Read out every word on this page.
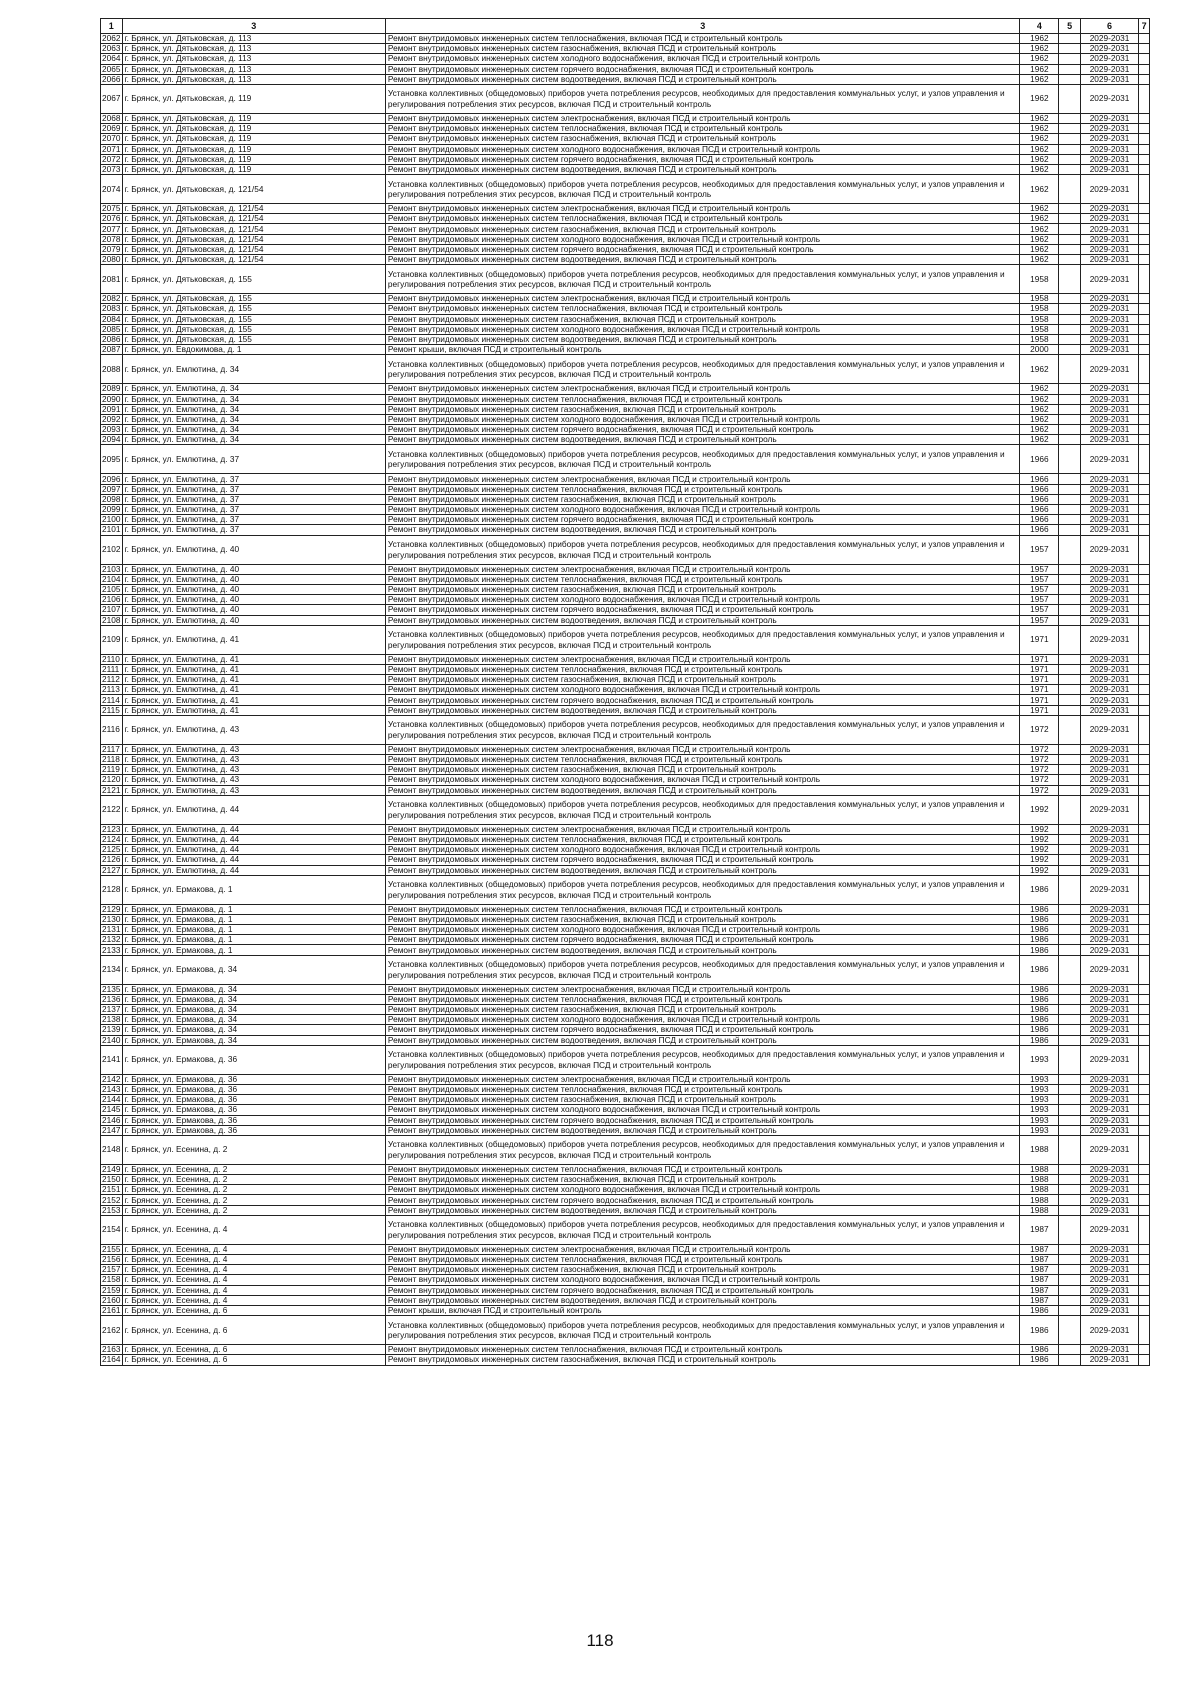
1	3	3	4	5	6	7
2062	г. Брянск, ул. Дятьковская, д. 113	Ремонт внутридомовых инженерных систем теплоснабжения, включая ПСД и строительный контроль	1962		2029-2031	
2063	г. Брянск, ул. Дятьковская, д. 113	Ремонт внутридомовых инженерных систем газоснабжения, включая ПСД и строительный контроль	1962		2029-2031	
2064	г. Брянск, ул. Дятьковская, д. 113	Ремонт внутридомовых инженерных систем холодного водоснабжения, включая ПСД и строительный контроль	1962		2029-2031	
2065	г. Брянск, ул. Дятьковская, д. 113	Ремонт внутридомовых инженерных систем горячего водоснабжения, включая ПСД и строительный контроль	1962		2029-2031	
2066	г. Брянск, ул. Дятьковская, д. 113	Ремонт внутридомовых инженерных систем водоотведения, включая ПСД и строительный контроль	1962		2029-2031	
2067	г. Брянск, ул. Дятьковская, д. 119	Установка коллективных (общедомовых) приборов учета потребления ресурсов, необходимых для предоставления коммунальных услуг, и узлов управления и регулирования потребления этих ресурсов, включая ПСД и строительный контроль	1962		2029-2031	
2068	г. Брянск, ул. Дятьковская, д. 119	Ремонт внутридомовых инженерных систем электроснабжения, включая ПСД и строительный контроль	1962		2029-2031	
2069	г. Брянск, ул. Дятьковская, д. 119	Ремонт внутридомовых инженерных систем теплоснабжения, включая ПСД и строительный контроль	1962		2029-2031	
2070	г. Брянск, ул. Дятьковская, д. 119	Ремонт внутридомовых инженерных систем газоснабжения, включая ПСД и строительный контроль	1962		2029-2031	
2071	г. Брянск, ул. Дятьковская, д. 119	Ремонт внутридомовых инженерных систем холодного водоснабжения, включая ПСД и строительный контроль	1962		2029-2031	
2072	г. Брянск, ул. Дятьковская, д. 119	Ремонт внутридомовых инженерных систем горячего водоснабжения, включая ПСД и строительный контроль	1962		2029-2031	
2073	г. Брянск, ул. Дятьковская, д. 119	Ремонт внутридомовых инженерных систем водоотведения, включая ПСД и строительный контроль	1962		2029-2031	
2074	г. Брянск, ул. Дятьковская, д. 121/54	Установка коллективных (общедомовых) приборов учета потребления ресурсов, необходимых для предоставления коммунальных услуг, и узлов управления и регулирования потребления этих ресурсов, включая ПСД и строительный контроль	1962		2029-2031	
2075	г. Брянск, ул. Дятьковская, д. 121/54	Ремонт внутридомовых инженерных систем электроснабжения, включая ПСД и строительный контроль	1962		2029-2031	
2076	г. Брянск, ул. Дятьковская, д. 121/54	Ремонт внутридомовых инженерных систем теплоснабжения, включая ПСД и строительный контроль	1962		2029-2031	
2077	г. Брянск, ул. Дятьковская, д. 121/54	Ремонт внутридомовых инженерных систем газоснабжения, включая ПСД и строительный контроль	1962		2029-2031	
2078	г. Брянск, ул. Дятьковская, д. 121/54	Ремонт внутридомовых инженерных систем холодного водоснабжения, включая ПСД и строительный контроль	1962		2029-2031	
2079	г. Брянск, ул. Дятьковская, д. 121/54	Ремонт внутридомовых инженерных систем горячего водоснабжения, включая ПСД и строительный контроль	1962		2029-2031	
2080	г. Брянск, ул. Дятьковская, д. 121/54	Ремонт внутридомовых инженерных систем водоотведения, включая ПСД и строительный контроль	1962		2029-2031	
2081	г. Брянск, ул. Дятьковская, д. 155	Установка коллективных (общедомовых) приборов учета потребления ресурсов, необходимых для предоставления коммунальных услуг, и узлов управления и регулирования потребления этих ресурсов, включая ПСД и строительный контроль	1958		2029-2031	
2082	г. Брянск, ул. Дятьковская, д. 155	Ремонт внутридомовых инженерных систем электроснабжения, включая ПСД и строительный контроль	1958		2029-2031	
2083	г. Брянск, ул. Дятьковская, д. 155	Ремонт внутридомовых инженерных систем теплоснабжения, включая ПСД и строительный контроль	1958		2029-2031	
2084	г. Брянск, ул. Дятьковская, д. 155	Ремонт внутридомовых инженерных систем газоснабжения, включая ПСД и строительный контроль	1958		2029-2031	
2085	г. Брянск, ул. Дятьковская, д. 155	Ремонт внутридомовых инженерных систем холодного водоснабжения, включая ПСД и строительный контроль	1958		2029-2031	
2086	г. Брянск, ул. Дятьковская, д. 155	Ремонт внутридомовых инженерных систем водоотведения, включая ПСД и строительный контроль	1958		2029-2031	
2087	г. Брянск, ул. Евдокимова, д. 1	Ремонт крыши, включая ПСД и строительный контроль	2000		2029-2031	
2088	г. Брянск, ул. Емлютина, д. 34	Установка коллективных (общедомовых) приборов учета потребления ресурсов, необходимых для предоставления коммунальных услуг, и узлов управления и регулирования потребления этих ресурсов, включая ПСД и строительный контроль	1962		2029-2031	
2089	г. Брянск, ул. Емлютина, д. 34	Ремонт внутридомовых инженерных систем электроснабжения, включая ПСД и строительный контроль	1962		2029-2031	
2090	г. Брянск, ул. Емлютина, д. 34	Ремонт внутридомовых инженерных систем теплоснабжения, включая ПСД и строительный контроль	1962		2029-2031	
2091	г. Брянск, ул. Емлютина, д. 34	Ремонт внутридомовых инженерных систем газоснабжения, включая ПСД и строительный контроль	1962		2029-2031	
2092	г. Брянск, ул. Емлютина, д. 34	Ремонт внутридомовых инженерных систем холодного водоснабжения, включая ПСД и строительный контроль	1962		2029-2031	
2093	г. Брянск, ул. Емлютина, д. 34	Ремонт внутридомовых инженерных систем горячего водоснабжения, включая ПСД и строительный контроль	1962		2029-2031	
2094	г. Брянск, ул. Емлютина, д. 34	Ремонт внутридомовых инженерных систем водоотведения, включая ПСД и строительный контроль	1962		2029-2031	
2095	г. Брянск, ул. Емлютина, д. 37	Установка коллективных (общедомовых) приборов учета потребления ресурсов, необходимых для предоставления коммунальных услуг, и узлов управления и регулирования потребления этих ресурсов, включая ПСД и строительный контроль	1966		2029-2031	
2096	г. Брянск, ул. Емлютина, д. 37	Ремонт внутридомовых инженерных систем электроснабжения, включая ПСД и строительный контроль	1966		2029-2031	
2097	г. Брянск, ул. Емлютина, д. 37	Ремонт внутридомовых инженерных систем теплоснабжения, включая ПСД и строительный контроль	1966		2029-2031	
2098	г. Брянск, ул. Емлютина, д. 37	Ремонт внутридомовых инженерных систем газоснабжения, включая ПСД и строительный контроль	1966		2029-2031	
2099	г. Брянск, ул. Емлютина, д. 37	Ремонт внутридомовых инженерных систем холодного водоснабжения, включая ПСД и строительный контроль	1966		2029-2031	
2100	г. Брянск, ул. Емлютина, д. 37	Ремонт внутридомовых инженерных систем горячего водоснабжения, включая ПСД и строительный контроль	1966		2029-2031	
2101	г. Брянск, ул. Емлютина, д. 37	Ремонт внутридомовых инженерных систем водоотведения, включая ПСД и строительный контроль	1966		2029-2031	
2102	г. Брянск, ул. Емлютина, д. 40	Установка коллективных (общедомовых) приборов учета потребления ресурсов, необходимых для предоставления коммунальных услуг, и узлов управления и регулирования потребления этих ресурсов, включая ПСД и строительный контроль	1957		2029-2031	
2103	г. Брянск, ул. Емлютина, д. 40	Ремонт внутридомовых инженерных систем электроснабжения, включая ПСД и строительный контроль	1957		2029-2031	
2104	г. Брянск, ул. Емлютина, д. 40	Ремонт внутридомовых инженерных систем теплоснабжения, включая ПСД и строительный контроль	1957		2029-2031	
2105	г. Брянск, ул. Емлютина, д. 40	Ремонт внутридомовых инженерных систем газоснабжения, включая ПСД и строительный контроль	1957		2029-2031	
2106	г. Брянск, ул. Емлютина, д. 40	Ремонт внутридомовых инженерных систем холодного водоснабжения, включая ПСД и строительный контроль	1957		2029-2031	
2107	г. Брянск, ул. Емлютина, д. 40	Ремонт внутридомовых инженерных систем горячего водоснабжения, включая ПСД и строительный контроль	1957		2029-2031	
2108	г. Брянск, ул. Емлютина, д. 40	Ремонт внутридомовых инженерных систем водоотведения, включая ПСД и строительный контроль	1957		2029-2031	
2109	г. Брянск, ул. Емлютина, д. 41	Установка коллективных (общедомовых) приборов учета потребления ресурсов, необходимых для предоставления коммунальных услуг, и узлов управления и регулирования потребления этих ресурсов, включая ПСД и строительный контроль	1971		2029-2031	
2110	г. Брянск, ул. Емлютина, д. 41	Ремонт внутридомовых инженерных систем электроснабжения, включая ПСД и строительный контроль	1971		2029-2031	
2111	г. Брянск, ул. Емлютина, д. 41	Ремонт внутридомовых инженерных систем теплоснабжения, включая ПСД и строительный контроль	1971		2029-2031	
2112	г. Брянск, ул. Емлютина, д. 41	Ремонт внутридомовых инженерных систем газоснабжения, включая ПСД и строительный контроль	1971		2029-2031	
2113	г. Брянск, ул. Емлютина, д. 41	Ремонт внутридомовых инженерных систем холодного водоснабжения, включая ПСД и строительный контроль	1971		2029-2031	
2114	г. Брянск, ул. Емлютина, д. 41	Ремонт внутридомовых инженерных систем горячего водоснабжения, включая ПСД и строительный контроль	1971		2029-2031	
2115	г. Брянск, ул. Емлютина, д. 41	Ремонт внутридомовых инженерных систем водоотведения, включая ПСД и строительный контроль	1971		2029-2031	
2116	г. Брянск, ул. Емлютина, д. 43	Установка коллективных (общедомовых) приборов учета потребления ресурсов, необходимых для предоставления коммунальных услуг, и узлов управления и регулирования потребления этих ресурсов, включая ПСД и строительный контроль	1972		2029-2031	
2117	г. Брянск, ул. Емлютина, д. 43	Ремонт внутридомовых инженерных систем электроснабжения, включая ПСД и строительный контроль	1972		2029-2031	
2118	г. Брянск, ул. Емлютина, д. 43	Ремонт внутридомовых инженерных систем теплоснабжения, включая ПСД и строительный контроль	1972		2029-2031	
2119	г. Брянск, ул. Емлютина, д. 43	Ремонт внутридомовых инженерных систем газоснабжения, включая ПСД и строительный контроль	1972		2029-2031	
2120	г. Брянск, ул. Емлютина, д. 43	Ремонт внутридомовых инженерных систем холодного водоснабжения, включая ПСД и строительный контроль	1972		2029-2031	
2121	г. Брянск, ул. Емлютина, д. 43	Ремонт внутридомовых инженерных систем водоотведения, включая ПСД и строительный контроль	1972		2029-2031	
2122	г. Брянск, ул. Емлютина, д. 44	Установка коллективных (общедомовых) приборов учета потребления ресурсов, необходимых для предоставления коммунальных услуг, и узлов управления и регулирования потребления этих ресурсов, включая ПСД и строительный контроль	1992		2029-2031	
2123	г. Брянск, ул. Емлютина, д. 44	Ремонт внутридомовых инженерных систем электроснабжения, включая ПСД и строительный контроль	1992		2029-2031	
2124	г. Брянск, ул. Емлютина, д. 44	Ремонт внутридомовых инженерных систем теплоснабжения, включая ПСД и строительный контроль	1992		2029-2031	
2125	г. Брянск, ул. Емлютина, д. 44	Ремонт внутридомовых инженерных систем холодного водоснабжения, включая ПСД и строительный контроль	1992		2029-2031	
2126	г. Брянск, ул. Емлютина, д. 44	Ремонт внутридомовых инженерных систем горячего водоснабжения, включая ПСД и строительный контроль	1992		2029-2031	
2127	г. Брянск, ул. Емлютина, д. 44	Ремонт внутридомовых инженерных систем водоотведения, включая ПСД и строительный контроль	1992		2029-2031	
2128	г. Брянск, ул. Ермакова, д. 1	Установка коллективных (общедомовых) приборов учета потребления ресурсов, необходимых для предоставления коммунальных услуг, и узлов управления и регулирования потребления этих ресурсов, включая ПСД и строительный контроль	1986		2029-2031	
2129	г. Брянск, ул. Ермакова, д. 1	Ремонт внутридомовых инженерных систем теплоснабжения, включая ПСД и строительный контроль	1986		2029-2031	
2130	г. Брянск, ул. Ермакова, д. 1	Ремонт внутридомовых инженерных систем газоснабжения, включая ПСД и строительный контроль	1986		2029-2031	
2131	г. Брянск, ул. Ермакова, д. 1	Ремонт внутридомовых инженерных систем холодного водоснабжения, включая ПСД и строительный контроль	1986		2029-2031	
2132	г. Брянск, ул. Ермакова, д. 1	Ремонт внутридомовых инженерных систем горячего водоснабжения, включая ПСД и строительный контроль	1986		2029-2031	
2133	г. Брянск, ул. Ермакова, д. 1	Ремонт внутридомовых инженерных систем водоотведения, включая ПСД и строительный контроль	1986		2029-2031	
2134	г. Брянск, ул. Ермакова, д. 34	Установка коллективных (общедомовых) приборов учета потребления ресурсов, необходимых для предоставления коммунальных услуг, и узлов управления и регулирования потребления этих ресурсов, включая ПСД и строительный контроль	1986		2029-2031	
2135	г. Брянск, ул. Ермакова, д. 34	Ремонт внутридомовых инженерных систем электроснабжения, включая ПСД и строительный контроль	1986		2029-2031	
2136	г. Брянск, ул. Ермакова, д. 34	Ремонт внутридомовых инженерных систем теплоснабжения, включая ПСД и строительный контроль	1986		2029-2031	
2137	г. Брянск, ул. Ермакова, д. 34	Ремонт внутридомовых инженерных систем газоснабжения, включая ПСД и строительный контроль	1986		2029-2031	
2138	г. Брянск, ул. Ермакова, д. 34	Ремонт внутридомовых инженерных систем холодного водоснабжения, включая ПСД и строительный контроль	1986		2029-2031	
2139	г. Брянск, ул. Ермакова, д. 34	Ремонт внутридомовых инженерных систем горячего водоснабжения, включая ПСД и строительный контроль	1986		2029-2031	
2140	г. Брянск, ул. Ермакова, д. 34	Ремонт внутридомовых инженерных систем водоотведения, включая ПСД и строительный контроль	1986		2029-2031	
2141	г. Брянск, ул. Ермакова, д. 36	Установка коллективных (общедомовых) приборов учета потребления ресурсов, необходимых для предоставления коммунальных услуг, и узлов управления и регулирования потребления этих ресурсов, включая ПСД и строительный контроль	1993		2029-2031	
2142	г. Брянск, ул. Ермакова, д. 36	Ремонт внутридомовых инженерных систем электроснабжения, включая ПСД и строительный контроль	1993		2029-2031	
2143	г. Брянск, ул. Ермакова, д. 36	Ремонт внутридомовых инженерных систем теплоснабжения, включая ПСД и строительный контроль	1993		2029-2031	
2144	г. Брянск, ул. Ермакова, д. 36	Ремонт внутридомовых инженерных систем газоснабжения, включая ПСД и строительный контроль	1993		2029-2031	
2145	г. Брянск, ул. Ермакова, д. 36	Ремонт внутридомовых инженерных систем холодного водоснабжения, включая ПСД и строительный контроль	1993		2029-2031	
2146	г. Брянск, ул. Ермакова, д. 36	Ремонт внутридомовых инженерных систем горячего водоснабжения, включая ПСД и строительный контроль	1993		2029-2031	
2147	г. Брянск, ул. Ермакова, д. 36	Ремонт внутридомовых инженерных систем водоотведения, включая ПСД и строительный контроль	1993		2029-2031	
2148	г. Брянск, ул. Есенина, д. 2	Установка коллективных (общедомовых) приборов учета потребления ресурсов, необходимых для предоставления коммунальных услуг, и узлов управления и регулирования потребления этих ресурсов, включая ПСД и строительный контроль	1988		2029-2031	
2149	г. Брянск, ул. Есенина, д. 2	Ремонт внутридомовых инженерных систем теплоснабжения, включая ПСД и строительный контроль	1988		2029-2031	
2150	г. Брянск, ул. Есенина, д. 2	Ремонт внутридомовых инженерных систем газоснабжения, включая ПСД и строительный контроль	1988		2029-2031	
2151	г. Брянск, ул. Есенина, д. 2	Ремонт внутридомовых инженерных систем холодного водоснабжения, включая ПСД и строительный контроль	1988		2029-2031	
2152	г. Брянск, ул. Есенина, д. 2	Ремонт внутридомовых инженерных систем горячего водоснабжения, включая ПСД и строительный контроль	1988		2029-2031	
2153	г. Брянск, ул. Есенина, д. 2	Ремонт внутридомовых инженерных систем водоотведения, включая ПСД и строительный контроль	1988		2029-2031	
2154	г. Брянск, ул. Есенина, д. 4	Установка коллективных (общедомовых) приборов учета потребления ресурсов, необходимых для предоставления коммунальных услуг, и узлов управления и регулирования потребления этих ресурсов, включая ПСД и строительный контроль	1987		2029-2031	
2155	г. Брянск, ул. Есенина, д. 4	Ремонт внутридомовых инженерных систем электроснабжения, включая ПСД и строительный контроль	1987		2029-2031	
2156	г. Брянск, ул. Есенина, д. 4	Ремонт внутридомовых инженерных систем теплоснабжения, включая ПСД и строительный контроль	1987		2029-2031	
2157	г. Брянск, ул. Есенина, д. 4	Ремонт внутридомовых инженерных систем газоснабжения, включая ПСД и строительный контроль	1987		2029-2031	
2158	г. Брянск, ул. Есенина, д. 4	Ремонт внутридомовых инженерных систем холодного водоснабжения, включая ПСД и строительный контроль	1987		2029-2031	
2159	г. Брянск, ул. Есенина, д. 4	Ремонт внутридомовых инженерных систем горячего водоснабжения, включая ПСД и строительный контроль	1987		2029-2031	
2160	г. Брянск, ул. Есенина, д. 4	Ремонт внутридомовых инженерных систем водоотведения, включая ПСД и строительный контроль	1987		2029-2031	
2161	г. Брянск, ул. Есенина, д. 6	Ремонт крыши, включая ПСД и строительный контроль	1986		2029-2031	
2162	г. Брянск, ул. Есенина, д. 6	Установка коллективных (общедомовых) приборов учета потребления ресурсов, необходимых для предоставления коммунальных услуг, и узлов управления и регулирования потребления этих ресурсов, включая ПСД и строительный контроль	1986		2029-2031	
2163	г. Брянск, ул. Есенина, д. 6	Ремонт внутридомовых инженерных систем теплоснабжения, включая ПСД и строительный контроль	1986		2029-2031	
2164	г. Брянск, ул. Есенина, д. 6	Ремонт внутридомовых инженерных систем газоснабжения, включая ПСД и строительный контроль	1986		2029-2031	
118
